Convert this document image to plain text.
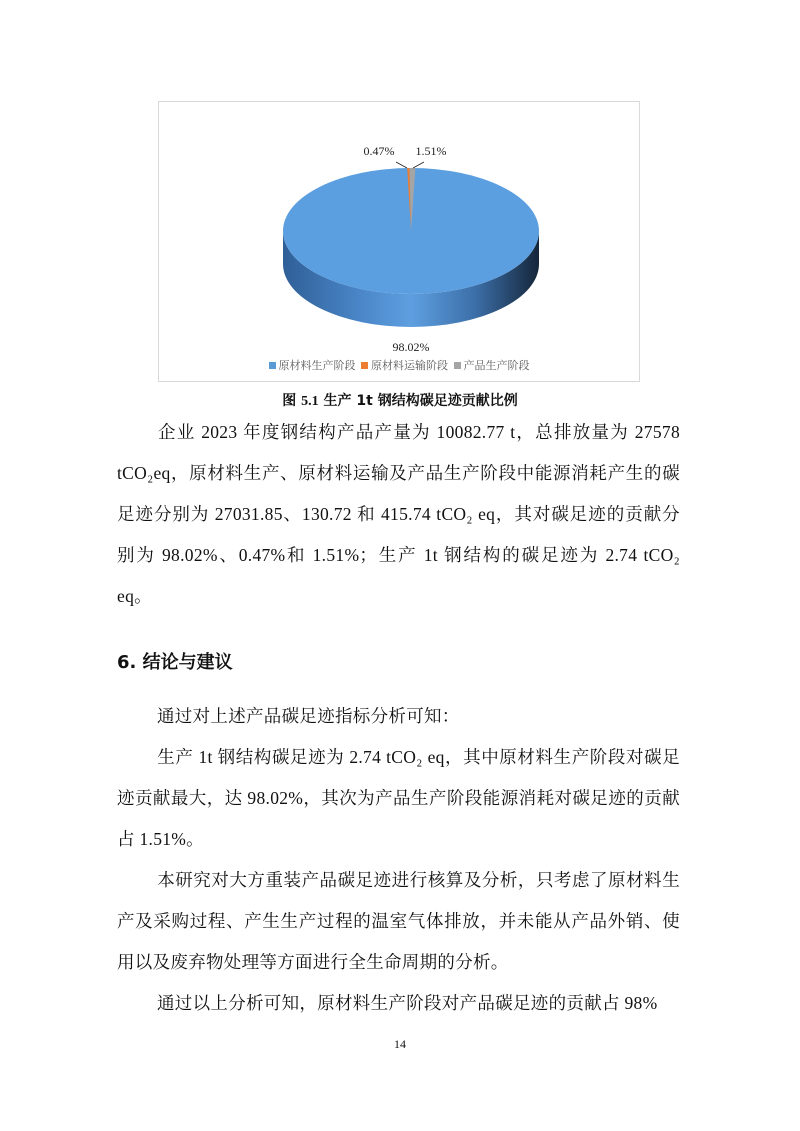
0.47% 1.51%
98.02%
原材料生产阶段 原材料运输阶段 产品生产阶段
图 5.1 生产 1t 钢结构碳足迹贡献比例
企业 2023 年度钢结构产品产量为 10082.77 t，总排放量为 27578 tCO₂eq，原材料生产、原材料运输及产品生产阶段中能源消耗产生的碳足迹分别为 27031.85、130.72 和 415.74 tCO₂ eq，其对碳足迹的贡献分别为 98.02%、0.47%和 1.51%；生产 1t 钢结构的碳足迹为 2.74 tCO₂ eq。
6. 结论与建议
通过对上述产品碳足迹指标分析可知：
生产 1t 钢结构碳足迹为 2.74 tCO₂ eq，其中原材料生产阶段对碳足迹贡献最大，达 98.02%，其次为产品生产阶段能源消耗对碳足迹的贡献占 1.51%。
本研究对大方重装产品碳足迹进行核算及分析，只考虑了原材料生产及采购过程、产生生产过程的温室气体排放，并未能从产品外销、使用以及废弃物处理等方面进行全生命周期的分析。
通过以上分析可知，原材料生产阶段对产品碳足迹的贡献占 98%
14
